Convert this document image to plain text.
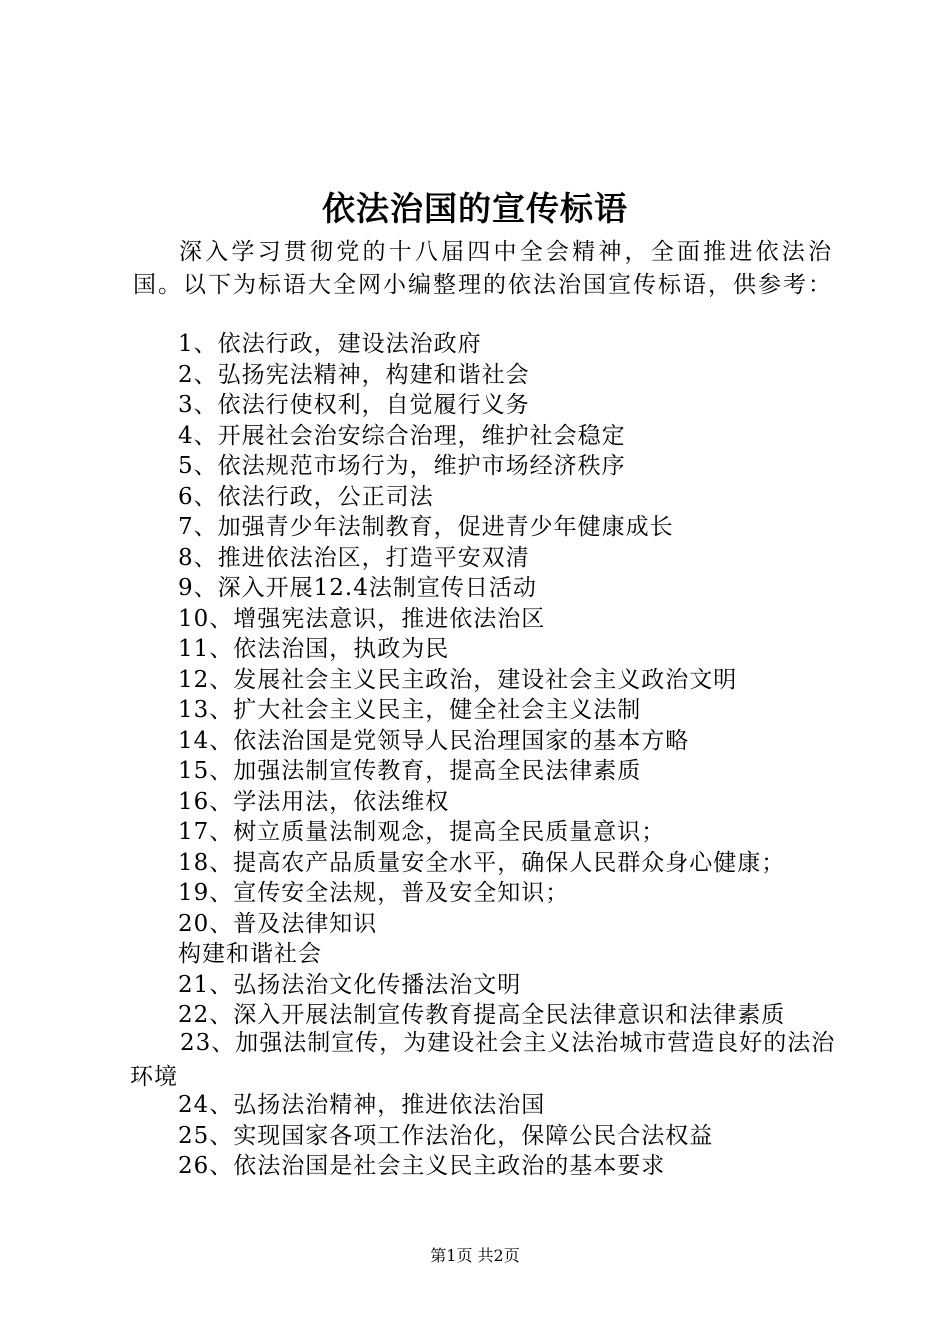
依法治国的宣传标语
深入学习贯彻党的十八届四中全会精神，全面推进依法治国。以下为标语大全网小编整理的依法治国宣传标语，供参考：
1、依法行政，建设法治政府
2、弘扬宪法精神，构建和谐社会
3、依法行使权利，自觉履行义务
4、开展社会治安综合治理，维护社会稳定
5、依法规范市场行为，维护市场经济秩序
6、依法行政，公正司法
7、加强青少年法制教育，促进青少年健康成长
8、推进依法治区，打造平安双清
9、深入开展12.4法制宣传日活动
10、增强宪法意识，推进依法治区
11、依法治国，执政为民
12、发展社会主义民主政治，建设社会主义政治文明
13、扩大社会主义民主，健全社会主义法制
14、依法治国是党领导人民治理国家的基本方略
15、加强法制宣传教育，提高全民法律素质
16、学法用法，依法维权
17、树立质量法制观念，提高全民质量意识；
18、提高农产品质量安全水平，确保人民群众身心健康；
19、宣传安全法规，普及安全知识；
20、普及法律知识
构建和谐社会
21、弘扬法治文化传播法治文明
22、深入开展法制宣传教育提高全民法律意识和法律素质
23、加强法制宣传，为建设社会主义法治城市营造良好的法治环境
24、弘扬法治精神，推进依法治国
25、实现国家各项工作法治化，保障公民合法权益
26、依法治国是社会主义民主政治的基本要求
第1页 共2页
